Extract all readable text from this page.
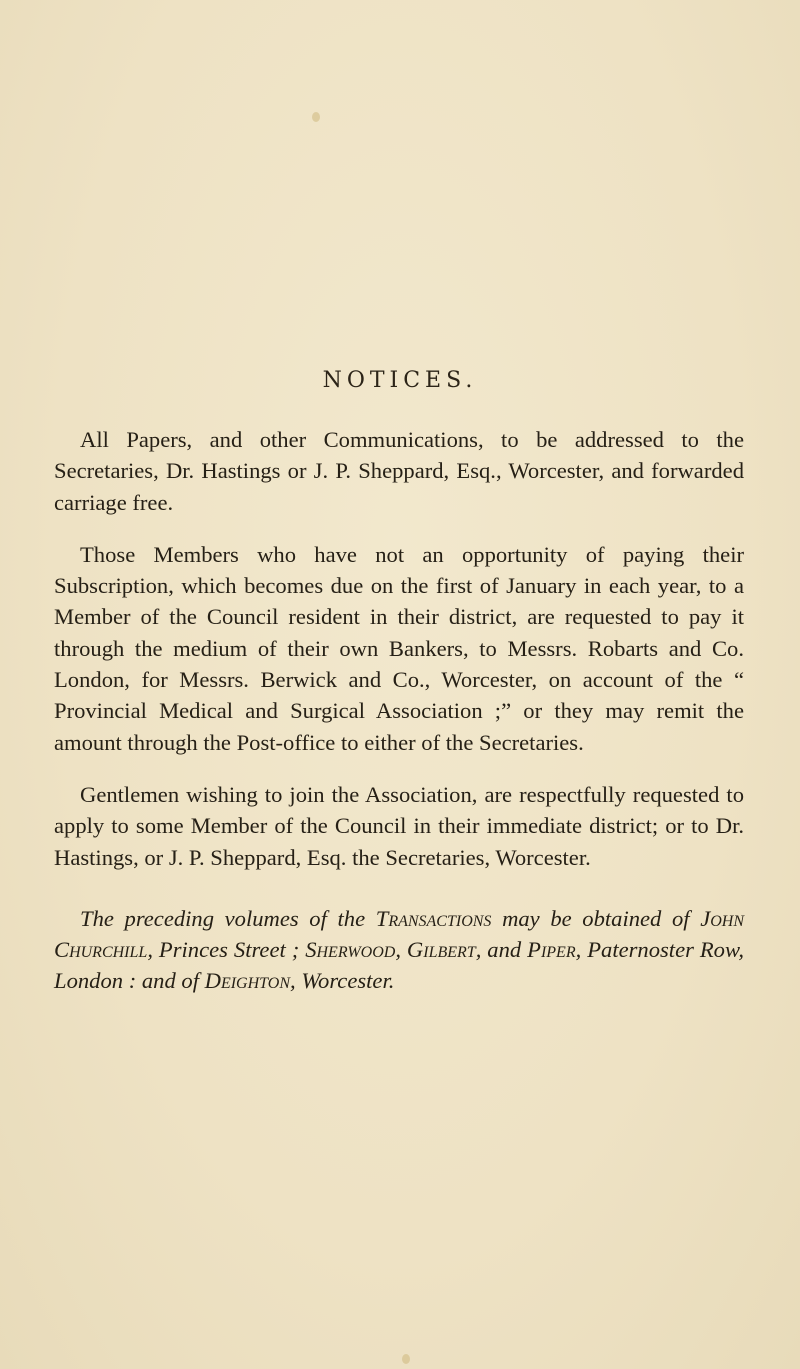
NOTICES.

All Papers, and other Communications, to be addressed to the Secretaries, Dr. Hastings or J. P. Sheppard, Esq., Worcester, and forwarded carriage free.

Those Members who have not an opportunity of paying their Subscription, which becomes due on the first of January in each year, to a Member of the Council resident in their district, are requested to pay it through the medium of their own Bankers, to Messrs. Robarts and Co. London, for Messrs. Berwick and Co., Worcester, on account of the “ Provincial Medical and Surgical Association ;” or they may remit the amount through the Post-office to either of the Secretaries.

Gentlemen wishing to join the Association, are respectfully requested to apply to some Member of the Council in their immediate district; or to Dr. Hastings, or J. P. Sheppard, Esq. the Secretaries, Worcester.

The preceding volumes of the Transactions may be obtained of John Churchill, Princes Street ; Sherwood, Gilbert, and Piper, Paternoster Row, London : and of Deighton, Worcester.
